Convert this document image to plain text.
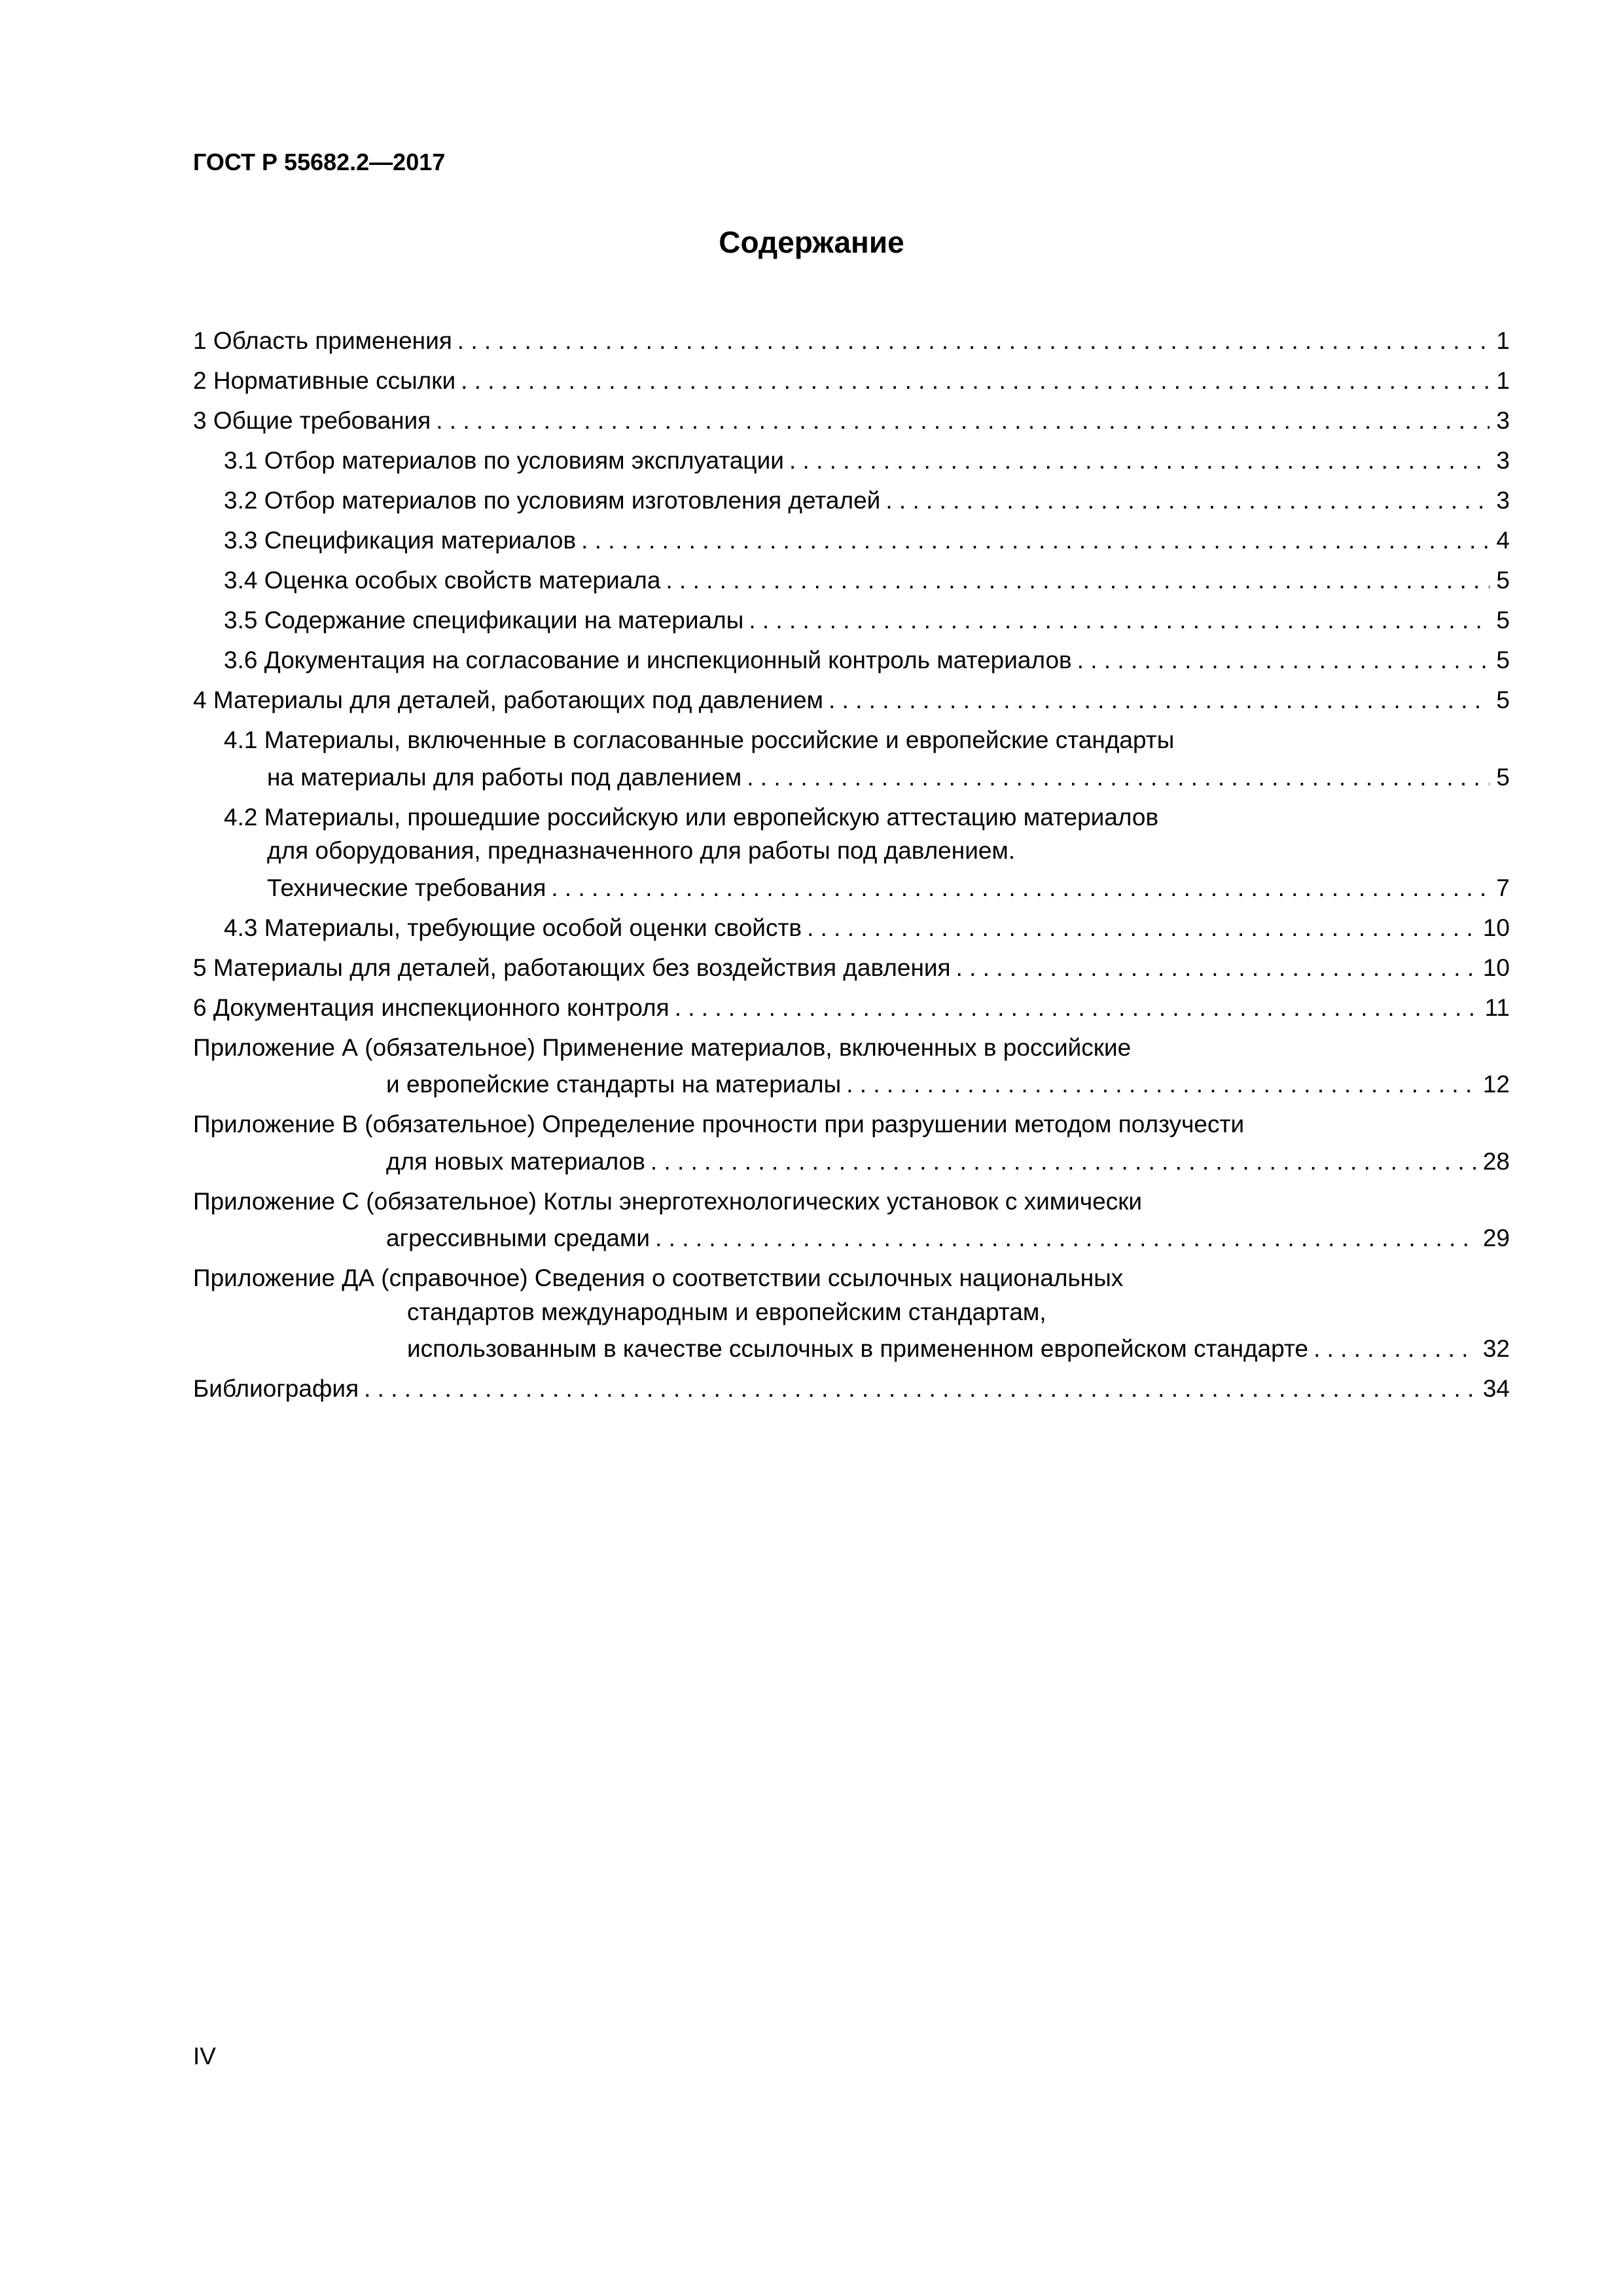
ГОСТ Р 55682.2—2017
Содержание
1 Область применения . . .	1
2 Нормативные ссылки . . .	1
3 Общие требования . . .	3
3.1 Отбор материалов по условиям эксплуатации . . .	3
3.2 Отбор материалов по условиям изготовления деталей . . .	3
3.3 Спецификация материалов . . .	4
3.4 Оценка особых свойств материала . . .	5
3.5 Содержание спецификации на материалы . . .	5
3.6 Документация на согласование и инспекционный контроль материалов . . .	5
4 Материалы для деталей, работающих под давлением . . .	5
4.1 Материалы, включенные в согласованные российские и европейские стандарты
на материалы для работы под давлением . . .	5
4.2 Материалы, прошедшие российскую или европейскую аттестацию материалов
для оборудования, предназначенного для работы под давлением.
Технические требования . . .	7
4.3 Материалы, требующие особой оценки свойств . . .	10
5 Материалы для деталей, работающих без воздействия давления . . .	10
6 Документация инспекционного контроля . . .	11
Приложение А (обязательное) Применение материалов, включенных в российские
и европейские стандарты на материалы . . .	12
Приложение В (обязательное) Определение прочности при разрушении методом ползучести
для новых материалов . . .	28
Приложение С (обязательное) Котлы энерготехнологических установок с химически
агрессивными средами . . .	29
Приложение ДА (справочное) Сведения о соответствии ссылочных национальных
стандартов международным и европейским стандартам,
использованным в качестве ссылочных в примененном европейском стандарте . . .	32
Библиография . . .	34
IV
